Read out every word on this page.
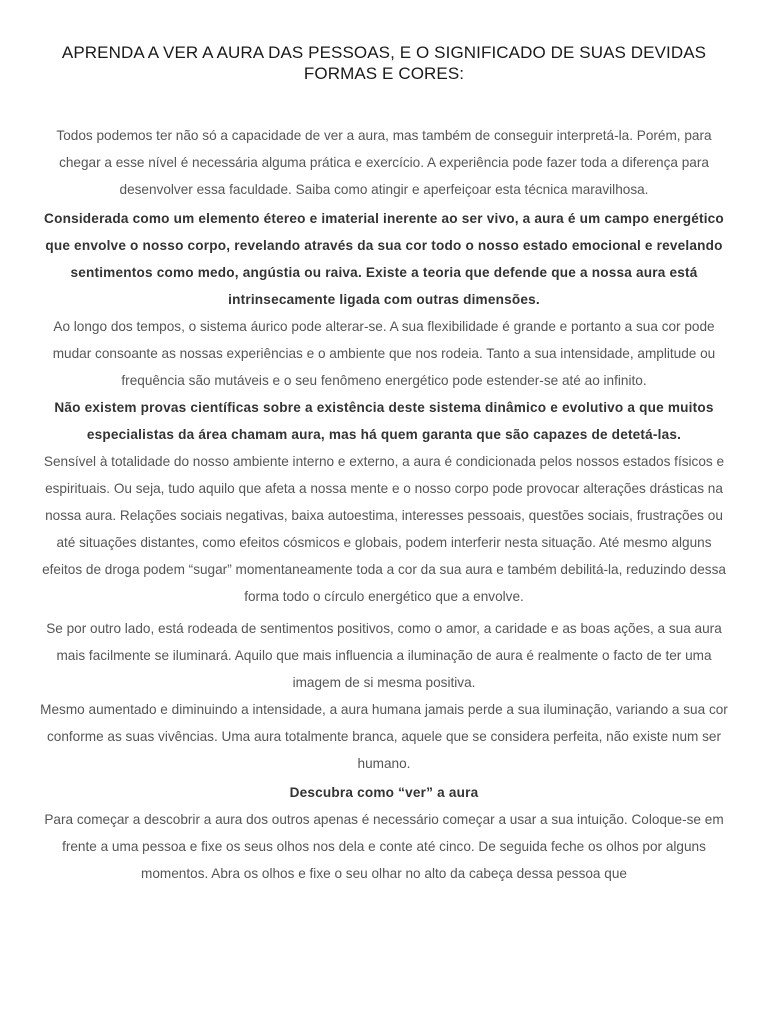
APRENDA A VER A AURA DAS PESSOAS, E O SIGNIFICADO DE SUAS DEVIDAS FORMAS E CORES:

Todos podemos ter não só a capacidade de ver a aura, mas também de conseguir interpretá-la. Porém, para chegar a esse nível é necessária alguma prática e exercício. A experiência pode fazer toda a diferença para desenvolver essa faculdade. Saiba como atingir e aperfeiçoar esta técnica maravilhosa.

Considerada como um elemento étereo e imaterial inerente ao ser vivo, a aura é um campo energético que envolve o nosso corpo, revelando através da sua cor todo o nosso estado emocional e revelando sentimentos como medo, angústia ou raiva. Existe a teoria que defende que a nossa aura está intrinsecamente ligada com outras dimensões.

Ao longo dos tempos, o sistema áurico pode alterar-se. A sua flexibilidade é grande e portanto a sua cor pode mudar consoante as nossas experiências e o ambiente que nos rodeia. Tanto a sua intensidade, amplitude ou frequência são mutáveis e o seu fenômeno energético pode estender-se até ao infinito.

Não existem provas científicas sobre a existência deste sistema dinâmico e evolutivo a que muitos especialistas da área chamam aura, mas há quem garanta que são capazes de detetá-las.

Sensível à totalidade do nosso ambiente interno e externo, a aura é condicionada pelos nossos estados físicos e espirituais. Ou seja, tudo aquilo que afeta a nossa mente e o nosso corpo pode provocar alterações drásticas na nossa aura. Relações sociais negativas, baixa autoestima, interesses pessoais, questões sociais, frustrações ou até situações distantes, como efeitos cósmicos e globais, podem interferir nesta situação. Até mesmo alguns efeitos de droga podem “sugar” momentaneamente toda a cor da sua aura e também debilitá-la, reduzindo dessa forma todo o círculo energético que a envolve.

Se por outro lado, está rodeada de sentimentos positivos, como o amor, a caridade e as boas ações, a sua aura mais facilmente se iluminará. Aquilo que mais influencia a iluminação de aura é realmente o facto de ter uma imagem de si mesma positiva.

Mesmo aumentado e diminuindo a intensidade, a aura humana jamais perde a sua iluminação, variando a sua cor conforme as suas vivências. Uma aura totalmente branca, aquele que se considera perfeita, não existe num ser humano.

Descubra como “ver” a aura

Para começar a descobrir a aura dos outros apenas é necessário começar a usar a sua intuição. Coloque-se em frente a uma pessoa e fixe os seus olhos nos dela e conte até cinco. De seguida feche os olhos por alguns momentos. Abra os olhos e fixe o seu olhar no alto da cabeça dessa pessoa que
